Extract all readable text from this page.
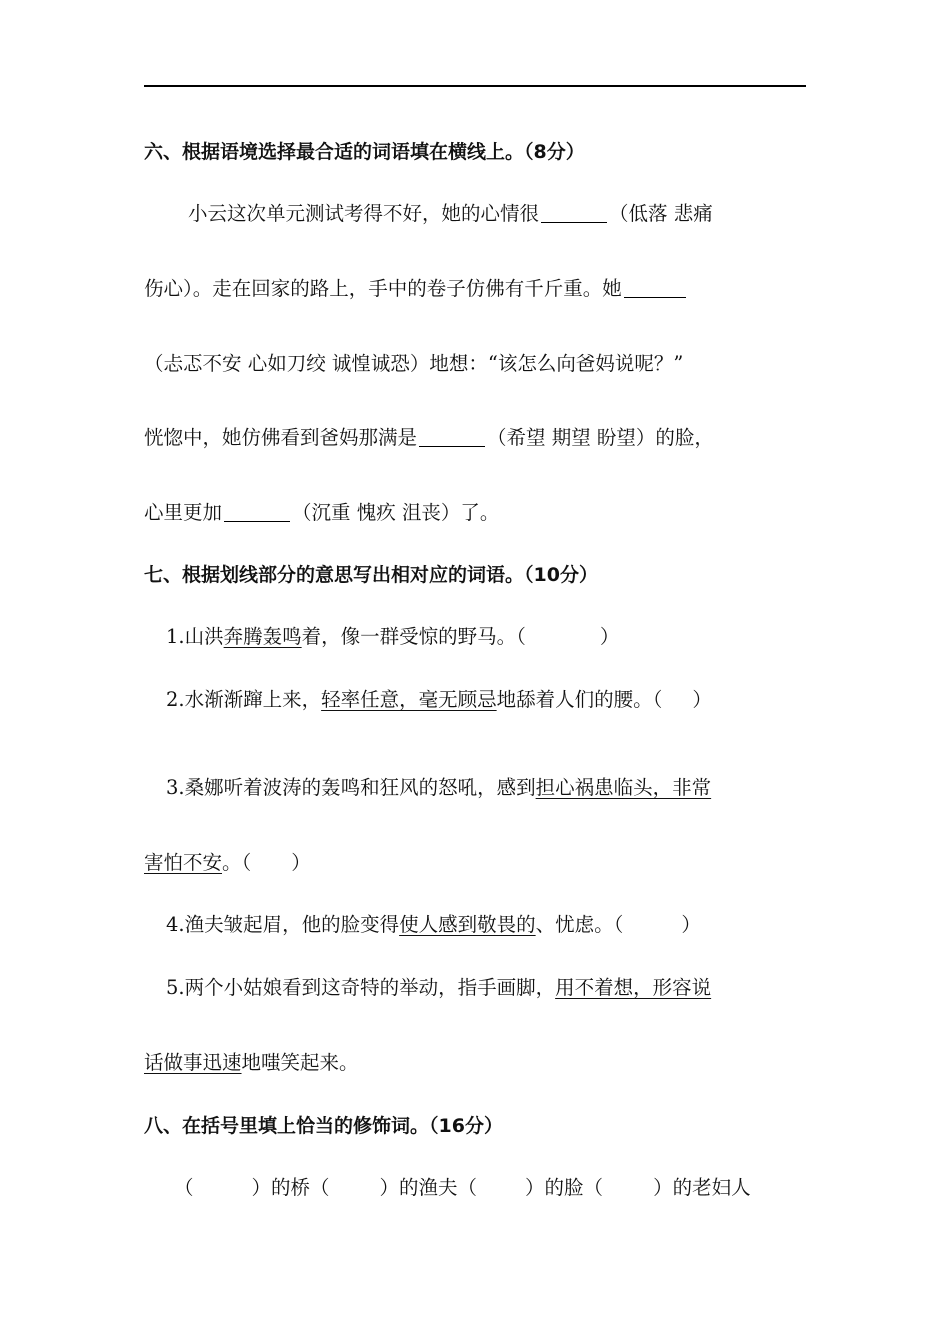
六、根据语境选择最合适的词语填在横线上。（8分）
小云这次单元测试考得不好，她的心情很	（低落 悲痛
伤心）。走在回家的路上，手中的卷子仿佛有千斤重。她
（忐忑不安 心如刀绞 诚惶诚恐）地想：“该怎么向爸妈说呢？”
恍惚中，她仿佛看到爸妈那满是	（希望 期望 盼望）的脸，
心里更加	（沉重 愧疚 沮丧）了。
七、根据划线部分的意思写出相对应的词语。（10分）
1.山洪奔腾轰鸣着，像一群受惊的野马。（	）
2.水渐渐蹿上来，轻率任意，毫无顾忌地舔着人们的腰。（ ）
3.桑娜听着波涛的轰鸣和狂风的怒吼，感到担心祸患临头，非常
害怕不安。（ ）
4.渔夫皱起眉，他的脸变得使人感到敬畏的、忧虑。（	）
5.两个小姑娘看到这奇特的举动，指手画脚，用不着想，形容说
话做事迅速地嗤笑起来。
八、在括号里填上恰当的修饰词。（16分）
（	）的桥（	）的渔夫（ ）的脸（	）的老妇人
